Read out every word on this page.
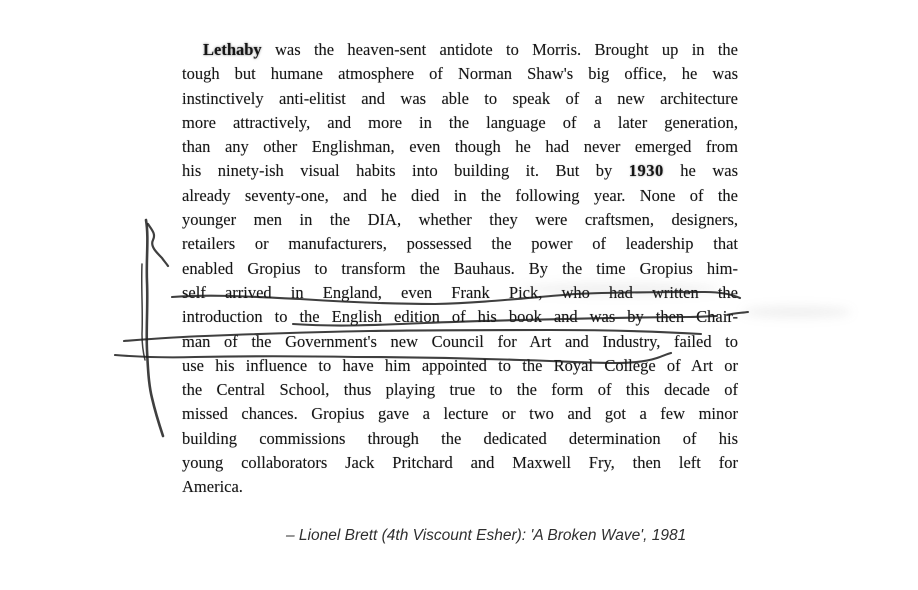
Lethaby was the heaven-sent antidote to Morris. Brought up in the
tough but humane atmosphere of Norman Shaw's big office, he was
instinctively anti-elitist and was able to speak of a new architecture
more attractively, and more in the language of a later generation,
than any other Englishman, even though he had never emerged from
his ninety-ish visual habits into building it. But by 1930 he was
already seventy-one, and he died in the following year. None of the
younger men in the DIA, whether they were craftsmen, designers,
retailers or manufacturers, possessed the power of leadership that
enabled Gropius to transform the Bauhaus. By the time Gropius him-
self arrived in England, even Frank Pick, who had written the
introduction to the English edition of his book and was by then Chair-
man of the Government's new Council for Art and Industry, failed to
use his influence to have him appointed to the Royal College of Art or
the Central School, thus playing true to the form of this decade of
missed chances. Gropius gave a lecture or two and got a few minor
building commissions through the dedicated determination of his
young collaborators Jack Pritchard and Maxwell Fry, then left for
America.
– Lionel Brett (4th Viscount Esher): 'A Broken Wave', 1981
